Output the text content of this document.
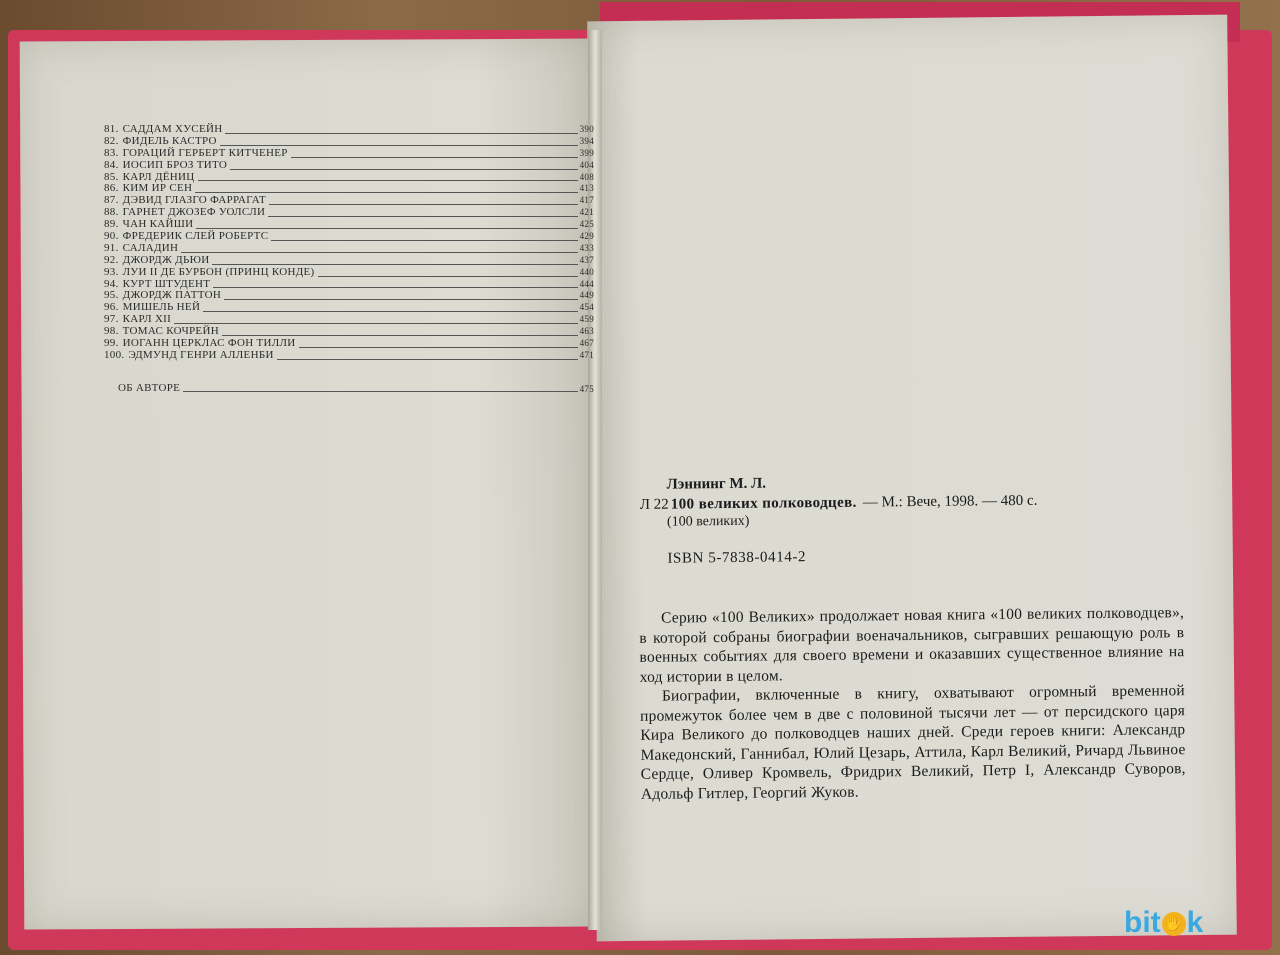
81. САДДАМ ХУСЕЙН	390
82. ФИДЕЛЬ КАСТРО	394
83. ГОРАЦИЙ ГЕРБЕРТ КИТЧЕНЕР	399
84. ИОСИП БРОЗ ТИТО	404
85. КАРЛ ДЁНИЦ	408
86. КИМ ИР СЕН	413
87. ДЭВИД ГЛАЗГО ФАРРАГАТ	417
88. ГАРНЕТ ДЖОЗЕФ УОЛСЛИ	421
89. ЧАН КАЙШИ	425
90. ФРЕДЕРИК СЛЕЙ РОБЕРТС	429
91. САЛАДИН	433
92. ДЖОРДЖ ДЬЮИ	437
93. ЛУИ II ДЕ БУРБОН (ПРИНЦ КОНДЕ)	440
94. КУРТ ШТУДЕНТ	444
95. ДЖОРДЖ ПАТТОН	449
96. МИШЕЛЬ НЕЙ	454
97. КАРЛ XII	459
98. ТОМАС КОЧРЕЙН	463
99. ИОГАНН ЦЕРКЛАС ФОН ТИЛЛИ	467
100. ЭДМУНД ГЕНРИ АЛЛЕНБИ	471
ОБ АВТОРЕ	475
Лэннинг М. Л.
Л 22 100 великих полководцев. — М.: Вече, 1998. — 480 с.
(100 великих)
ISBN 5-7838-0414-2

Серию «100 Великих» продолжает новая книга «100 великих полководцев», в которой собраны биографии военачальников, сыгравших решающую роль в военных событиях для своего времени и оказавших существенное влияние на ход истории в целом.

Биографии, включенные в книгу, охватывают огромный временной промежуток более чем в две с половиной тысячи лет — от персидского царя Кира Великого до полководцев наших дней. Среди героев книги: Александр Македонский, Ганнибал, Юлий Цезарь, Аттила, Карл Великий, Ричард Львиное Сердце, Оливер Кромвель, Фридрих Великий, Петр I, Александр Суворов, Адольф Гитлер, Георгий Жуков.

bit ✋ k
